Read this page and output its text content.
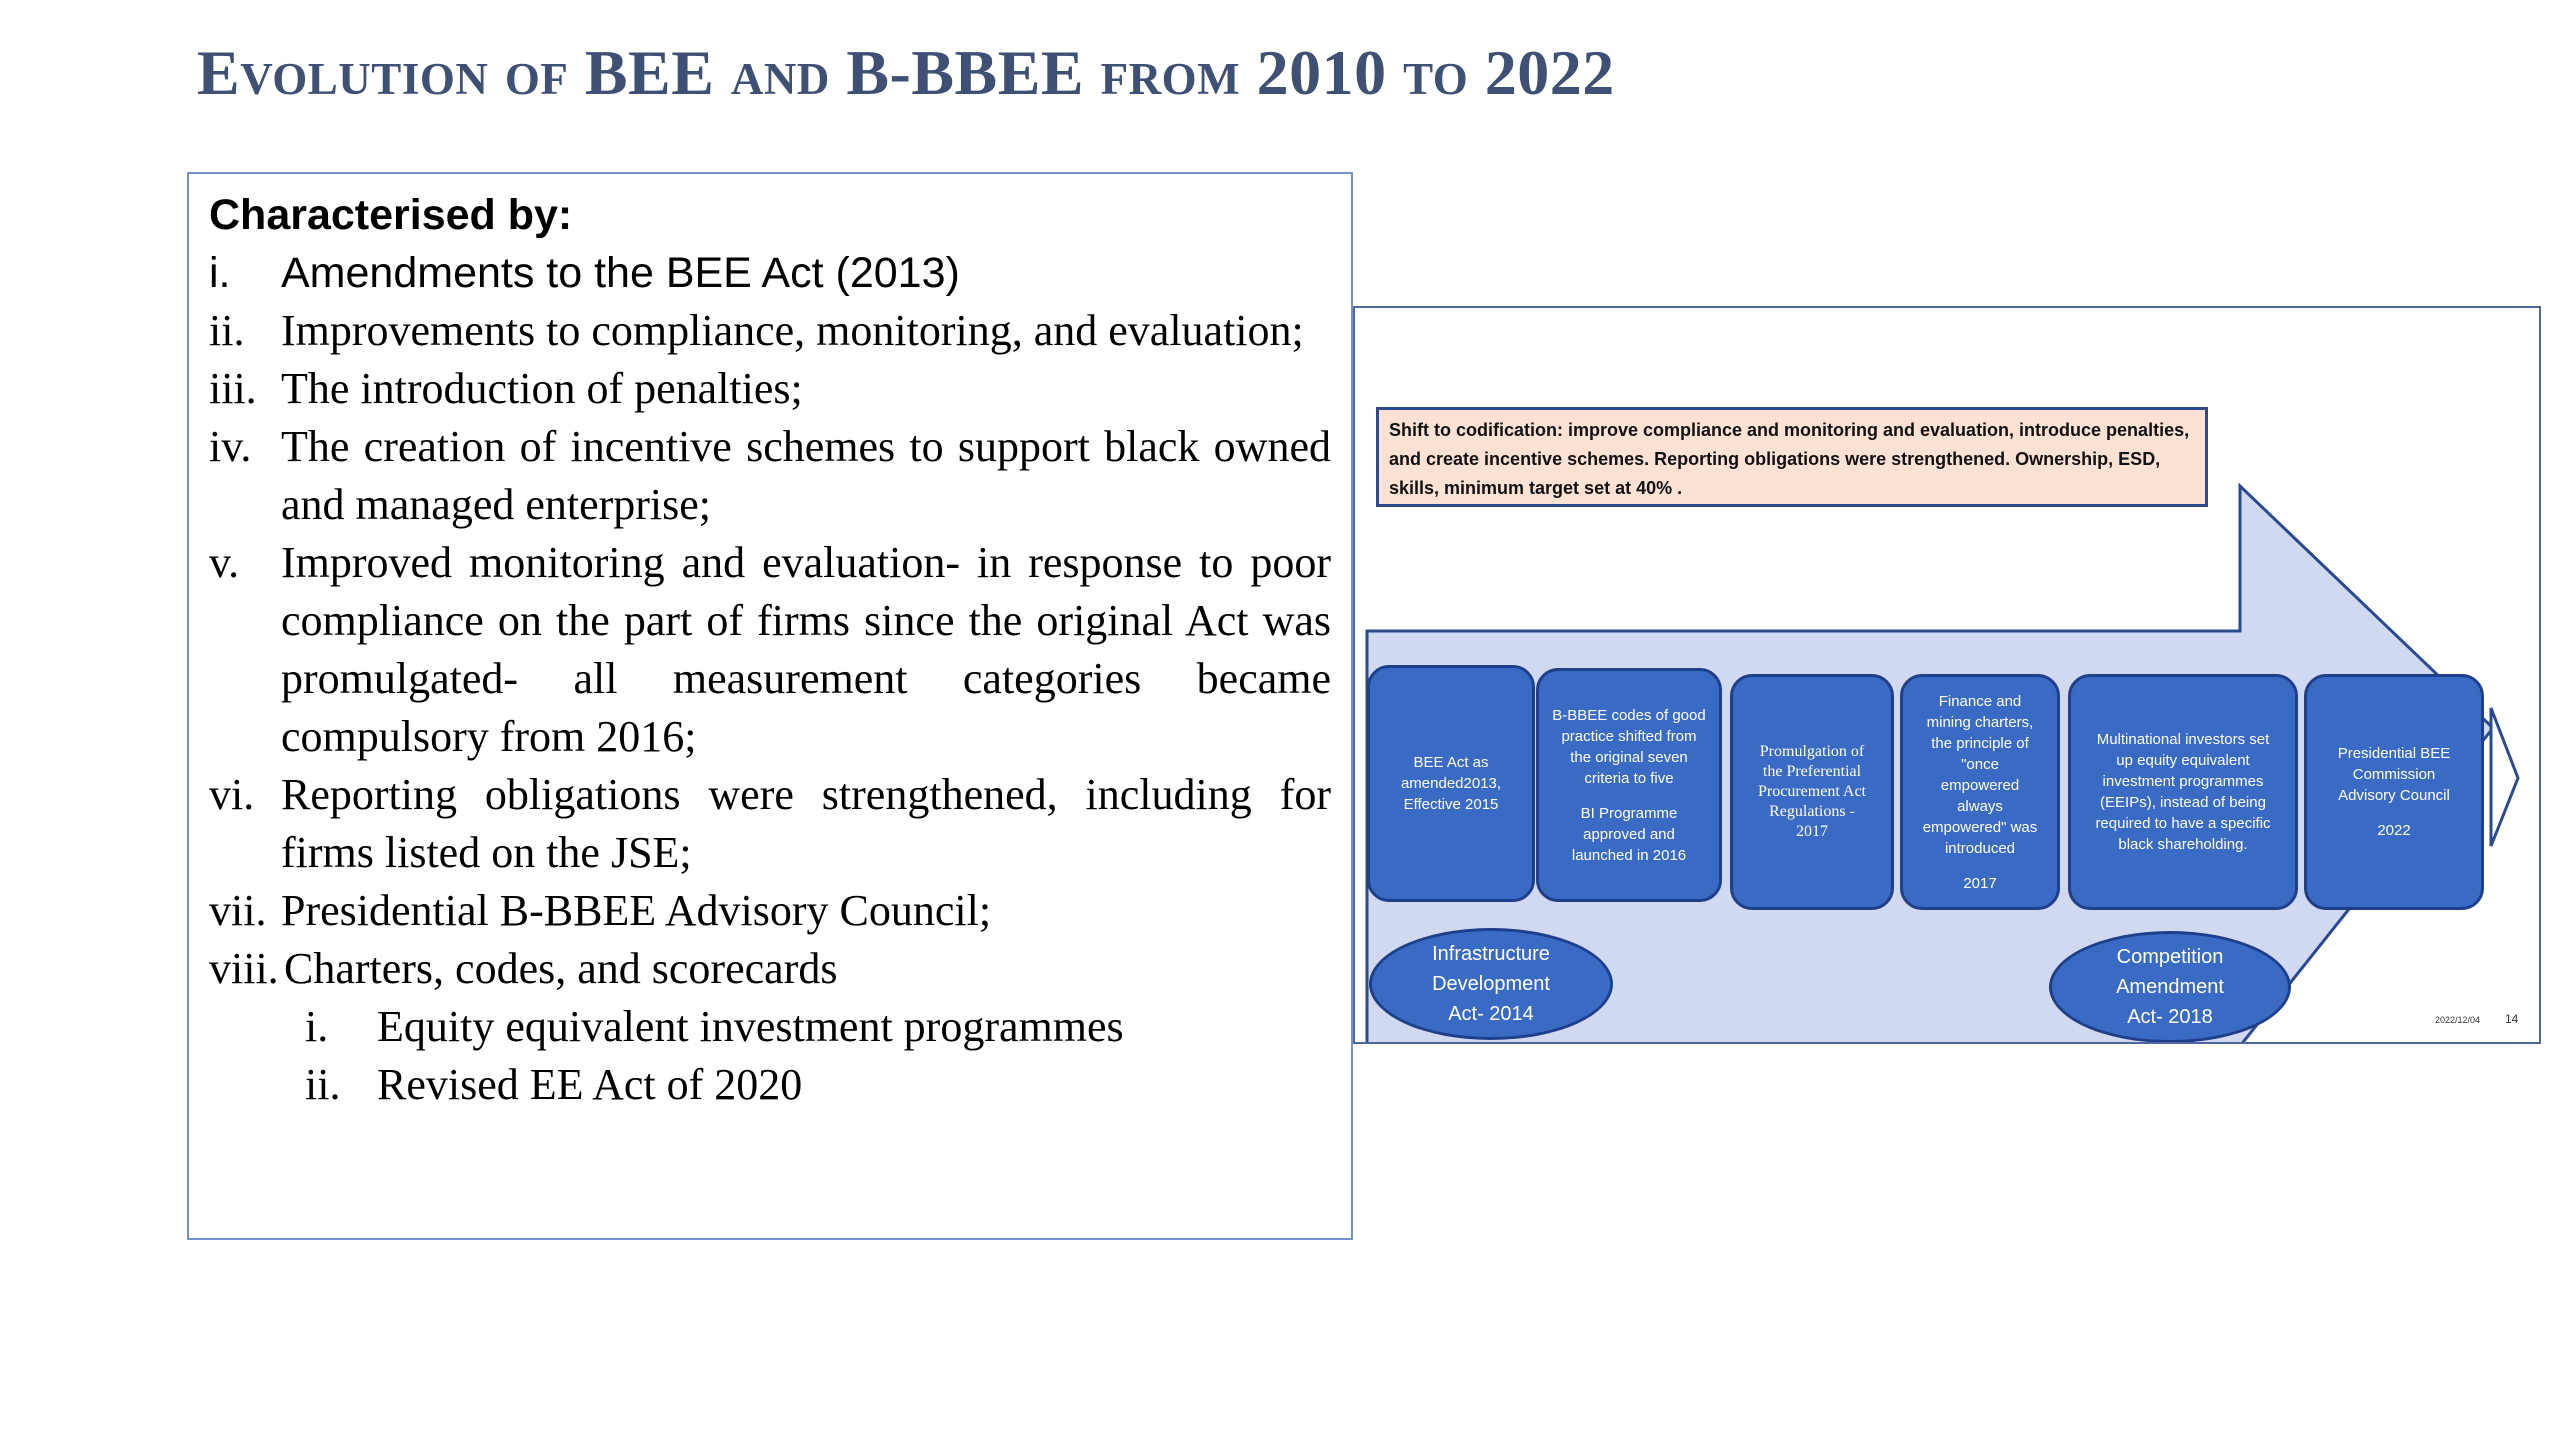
Evolution of BEE and B-BBEE from 2010 to 2022
Characterised by:
i.	Amendments to the BEE Act (2013)
ii. Improvements to compliance, monitoring, and evaluation;
iii. The introduction of penalties;
iv. The creation of incentive schemes to support black owned and managed enterprise;
v. Improved monitoring and evaluation- in response to poor compliance on the part of firms since the original Act was promulgated- all measurement categories became compulsory from 2016;
vi. Reporting obligations were strengthened, including for firms listed on the JSE;
vii. Presidential B-BBEE Advisory Council;
viii. Charters, codes, and scorecards
i.	Equity equivalent investment programmes
ii. Revised EE Act of 2020
Shift to codification: improve compliance and monitoring and evaluation, introduce penalties, and create incentive schemes. Reporting obligations were strengthened. Ownership, ESD, skills, minimum target set at 40% .

BEE Act as

amended2013,

Effective 2015

B-BBEE codes of good

practice shifted from

the original seven

criteria to five

BI Programme

approved and

launched in 2016

Promulgation of

the Preferential

Procurement Act

Regulations -

2017

Finance and

mining charters,

the principle of

"once

empowered

always

empowered" was

introduced

2017

Multinational investors set

up equity equivalent

investment programmes

(EEIPs), instead of being

required to have a specific

black shareholding.

Presidential BEE

Commission

Advisory Council

2022

Infrastructure
Development
Act- 2014
Competition
Amendment
Act- 2018	2022/12/04 14
